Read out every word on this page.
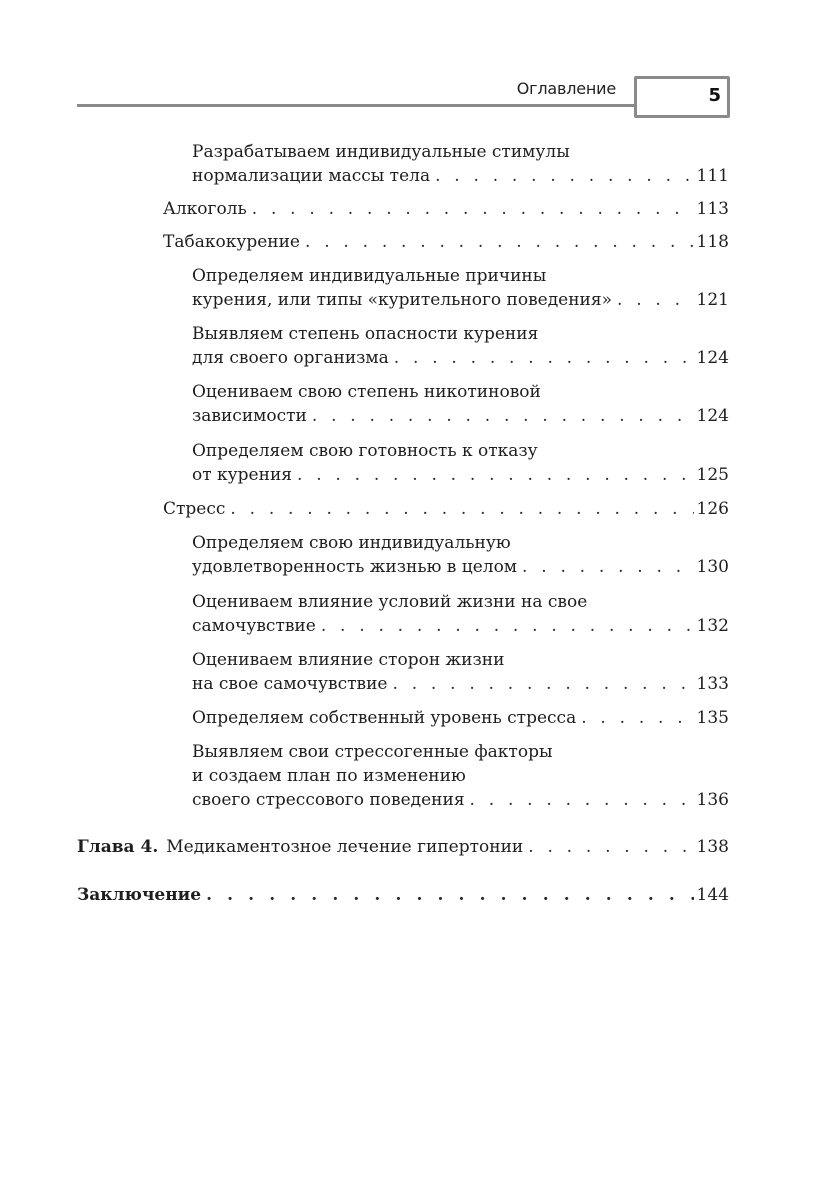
Оглавление	5
Разрабатываем индивидуальные стимулы
нормализации массы тела . . .	111
Алкоголь . . .	113
Табакокурение . . .	118
Определяем индивидуальные причины
курения, или типы «курительного поведения» . . .	121
Выявляем степень опасности курения
для своего организма . . .	124
Оцениваем свою степень никотиновой
зависимости . . .	124
Определяем свою готовность к отказу
от курения . . .	125
Стресс . . .	126
Определяем свою индивидуальную
удовлетворенность жизнью в целом . . .	130
Оцениваем влияние условий жизни на свое
самочувствие . . .	132
Оцениваем влияние сторон жизни
на свое самочувствие . . .	133
Определяем собственный уровень стресса . . .	135
Выявляем свои стрессогенные факторы
и создаем план по изменению
своего стрессового поведения . . .	136
Глава 4. Медикаментозное лечение гипертонии . . .	138
Заключение . . .	144
